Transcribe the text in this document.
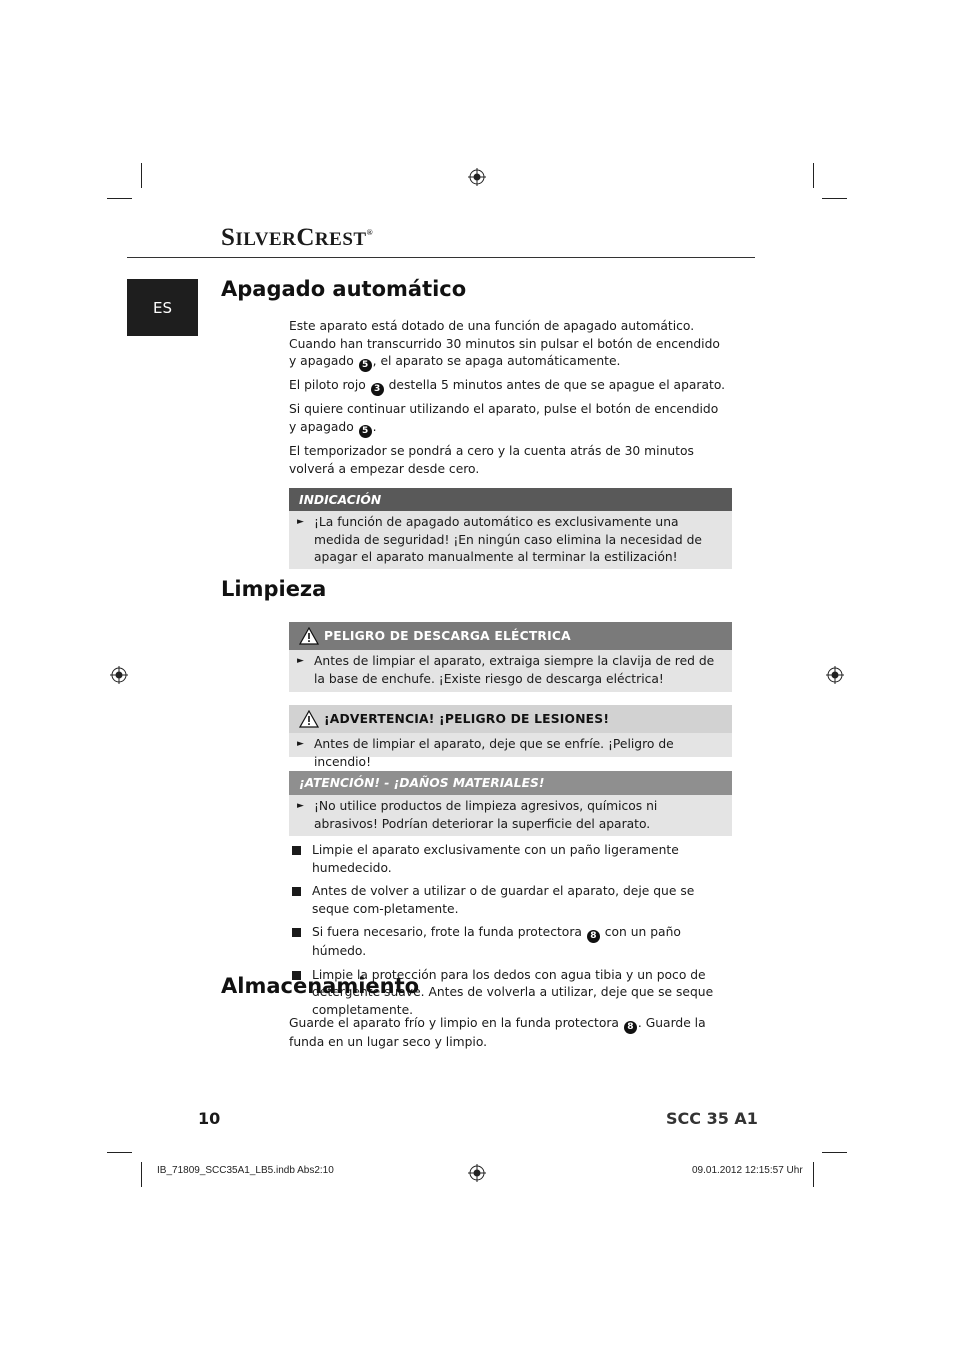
SILVERCREST®
ES
Apagado automático

Este aparato está dotado de una función de apagado automático. Cuando han transcurrido 30 minutos sin pulsar el botón de encendido y apagado 5 , el aparato se apaga automáticamente.

El piloto rojo 3 destella 5 minutos antes de que se apague el aparato.

Si quiere continuar utilizando el aparato, pulse el botón de encendido y apagado 5 .

El temporizador se pondrá a cero y la cuenta atrás de 30 minutos volverá a empezar desde cero.

INDICACIÓN
► ¡La función de apagado automático es exclusivamente una medida de seguridad! ¡En ningún caso elimina la necesidad de apagar el aparato manualmente al terminar la estilización!
Limpieza
PELIGRO DE DESCARGA ELÉCTRICA
► Antes de limpiar el aparato, extraiga siempre la clavija de red de la base de enchufe. ¡Existe riesgo de descarga eléctrica!
¡ADVERTENCIA! ¡PELIGRO DE LESIONES!
► Antes de limpiar el aparato, deje que se enfríe. ¡Peligro de incendio!
¡ATENCIÓN! - ¡DAÑOS MATERIALES!
► ¡No utilice productos de limpieza agresivos, químicos ni abrasivos! Podrían deteriorar la superficie del aparato.
Limpie el aparato exclusivamente con un paño ligeramente humedecido.
Antes de volver a utilizar o de guardar el aparato, deje que se seque com-pletamente.
Si fuera necesario, frote la funda protectora 8 con un paño húmedo.
Limpie la protección para los dedos con agua tibia y un poco de detergente suave. Antes de volverla a utilizar, deje que se seque completamente.
Almacenamiento

Guarde el aparato frío y limpio en la funda protectora 8 . Guarde la funda en un lugar seco y limpio.

10	SCC 35 A1
IB_71809_SCC35A1_LB5.indb Abs2:10	09.01.2012 12:15:57 Uhr
